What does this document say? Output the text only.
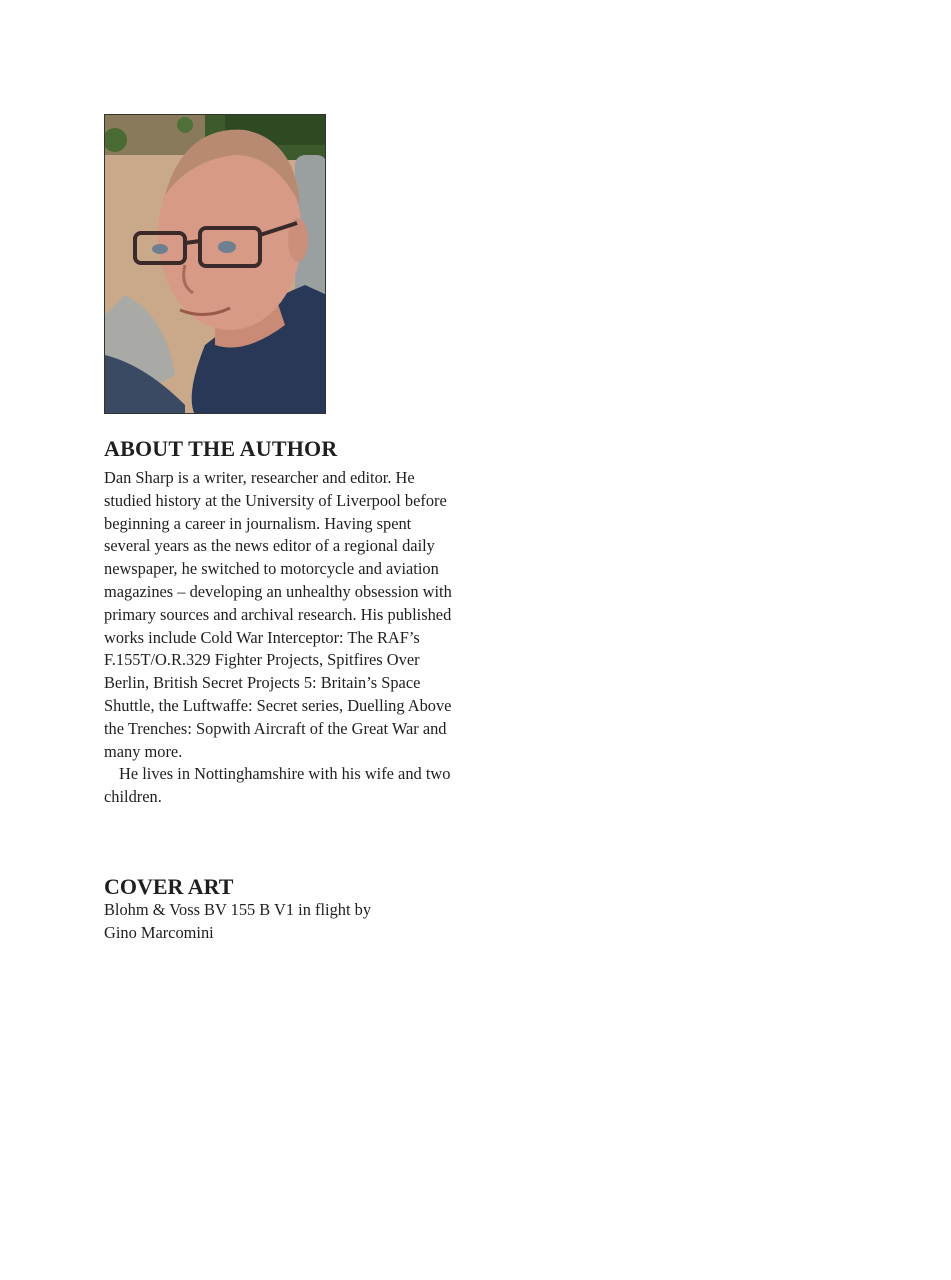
ABOUT THE AUTHOR

Dan Sharp is a writer, researcher and editor. He studied history at the University of Liverpool before beginning a career in journalism. Having spent several years as the news editor of a regional daily newspaper, he switched to motorcycle and aviation magazines – developing an unhealthy obsession with primary sources and archival research. His published works include Cold War Interceptor: The RAF’s F.155T/O.R.329 Fighter Projects, Spitfires Over Berlin, British Secret Projects 5: Britain’s Space Shuttle, the Luftwaffe: Secret series, Duelling Above the Trenches: Sopwith Aircraft of the Great War and many more.

He lives in Nottinghamshire with his wife and two children.

COVER ART
Blohm & Voss BV 155 B V1 in flight by
Gino Marcomini
